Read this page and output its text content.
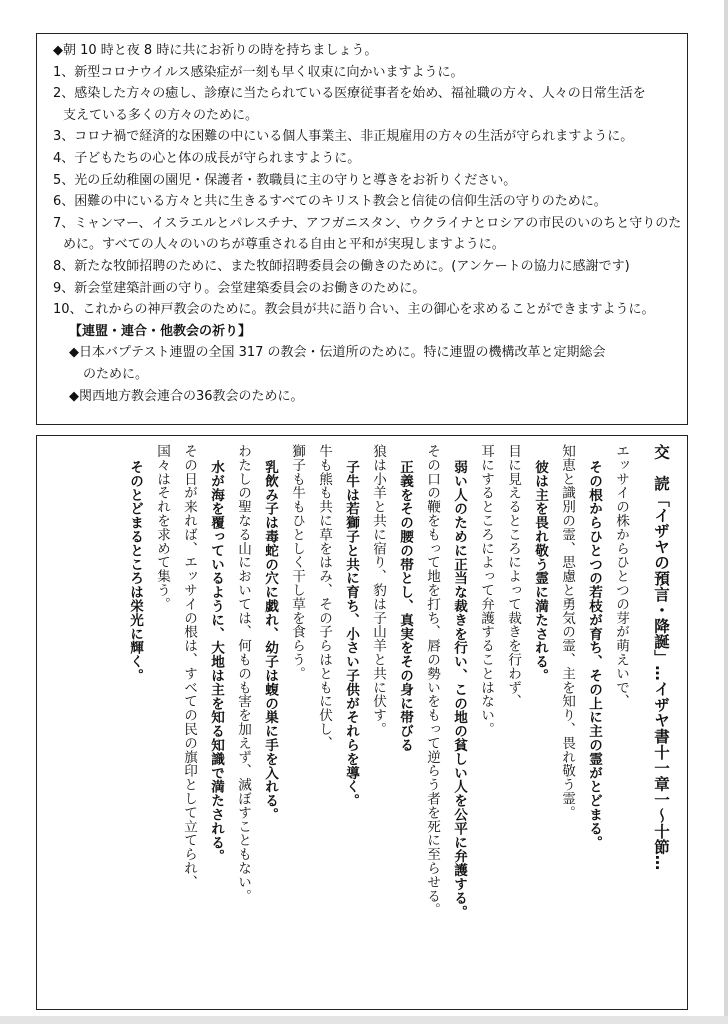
◆朝 10 時と夜 8 時に共にお祈りの時を持ちましょう。

1、新型コロナウイルス感染症が一刻も早く収束に向かいますように。

2、感染した方々の癒し、診療に当たられている医療従事者を始め、福祉職の方々、人々の日常生活を

支えている多くの方々のために。

3、コロナ禍で経済的な困難の中にいる個人事業主、非正規雇用の方々の生活が守られますように。

4、子どもたちの心と体の成長が守られますように。

5、光の丘幼稚園の園児・保護者・教職員に主の守りと導きをお祈りください。

6、困難の中にいる方々と共に生きるすべてのキリスト教会と信徒の信仰生活の守りのために。

7、ミャンマー、イスラエルとパレスチナ、アフガニスタン、ウクライナとロシアの市民のいのちと守りのた

めに。すべての人々のいのちが尊重される自由と平和が実現しますように。

8、新たな牧師招聘のために、また牧師招聘委員会の働きのために。(アンケートの協力に感謝です)

9、新会堂建築計画の守り。会堂建築委員会のお働きのために。

10、これからの神戸教会のために。教会員が共に語り合い、主の御心を求めることができますように。

【連盟・連合・他教会の祈り】

◆日本バプテスト連盟の全国 317 の教会・伝道所のために。特に連盟の機構改革と定期総会

のために。

◆関西地方教会連合の36教会のために。

交　読「イザヤの預言・降誕」…イザヤ書十一章一～十節…
エッサイの株からひとつの芽が萌えいで、
その根からひとつの若枝が育ち、その上に主の霊がとどまる。
知恵と識別の霊、思慮と勇気の霊、主を知り、畏れ敬う霊。
彼は主を畏れ敬う霊に満たされる。
目に見えるところによって裁きを行わず、
耳にするところによって弁護することはない。
弱い人のために正当な裁きを行い、この地の貧しい人を公平に弁護する。
その口の鞭をもって地を打ち、唇の勢いをもって逆らう者を死に至らせる。
正義をその腰の帯とし、真実をその身に帯びる
狼は小羊と共に宿り、豹は子山羊と共に伏す。
子牛は若獅子と共に育ち、小さい子供がそれらを導く。
牛も熊も共に草をはみ、その子らはともに伏し、
獅子も牛もひとしく干し草を食らう。
乳飲み子は毒蛇の穴に戯れ、幼子は蝮の巣に手を入れる。
わたしの聖なる山においては、何ものも害を加えず、滅ぼすこともない。
水が海を覆っているように、大地は主を知る知識で満たされる。
その日が来れば、エッサイの根は、すべての民の旗印として立てられ、
国々はそれを求めて集う。
そのとどまるところは栄光に輝く。
